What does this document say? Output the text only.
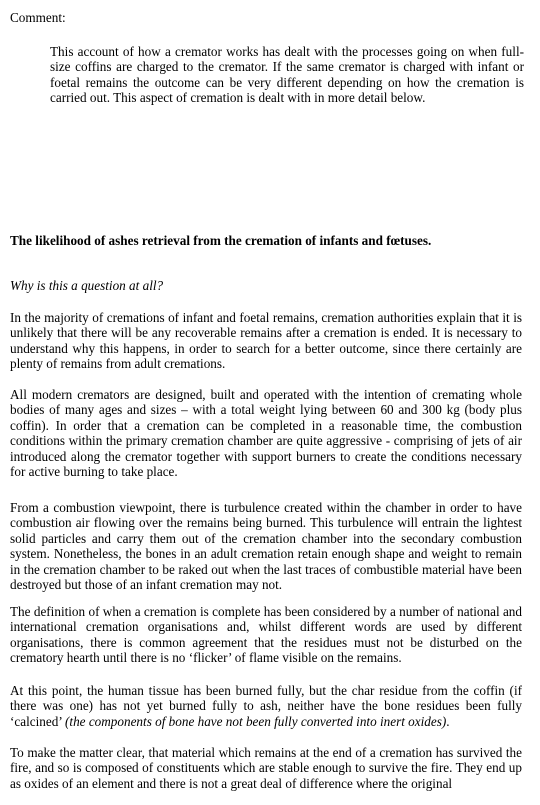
Comment:
This account of how a cremator works has dealt with the processes going on when full-size coffins are charged to the cremator. If the same cremator is charged with infant or foetal remains the outcome can be very different depending on how the cremation is carried out. This aspect of cremation is dealt with in more detail below.
The likelihood of ashes retrieval from the cremation of infants and fœtuses.
Why is this a question at all?

In the majority of cremations of infant and foetal remains, cremation authorities explain that it is unlikely that there will be any recoverable remains after a cremation is ended. It is necessary to understand why this happens, in order to search for a better outcome, since there certainly are plenty of remains from adult cremations.

All modern cremators are designed, built and operated with the intention of cremating whole bodies of many ages and sizes – with a total weight lying between 60 and 300 kg (body plus coffin). In order that a cremation can be completed in a reasonable time, the combustion conditions within the primary cremation chamber are quite aggressive - comprising of jets of air introduced along the cremator together with support burners to create the conditions necessary for active burning to take place.

From a combustion viewpoint, there is turbulence created within the chamber in order to have combustion air flowing over the remains being burned. This turbulence will entrain the lightest solid particles and carry them out of the cremation chamber into the secondary combustion system. Nonetheless, the bones in an adult cremation retain enough shape and weight to remain in the cremation chamber to be raked out when the last traces of combustible material have been destroyed but those of an infant cremation may not.

The definition of when a cremation is complete has been considered by a number of national and international cremation organisations and, whilst different words are used by different organisations, there is common agreement that the residues must not be disturbed on the crematory hearth until there is no ‘flicker’ of flame visible on the remains.

At this point, the human tissue has been burned fully, but the char residue from the coffin (if there was one) has not yet burned fully to ash, neither have the bone residues been fully ‘calcined’ (the components of bone have not been fully converted into inert oxides).

To make the matter clear, that material which remains at the end of a cremation has survived the fire, and so is composed of constituents which are stable enough to survive the fire. They end up as oxides of an element and there is not a great deal of difference where the original
